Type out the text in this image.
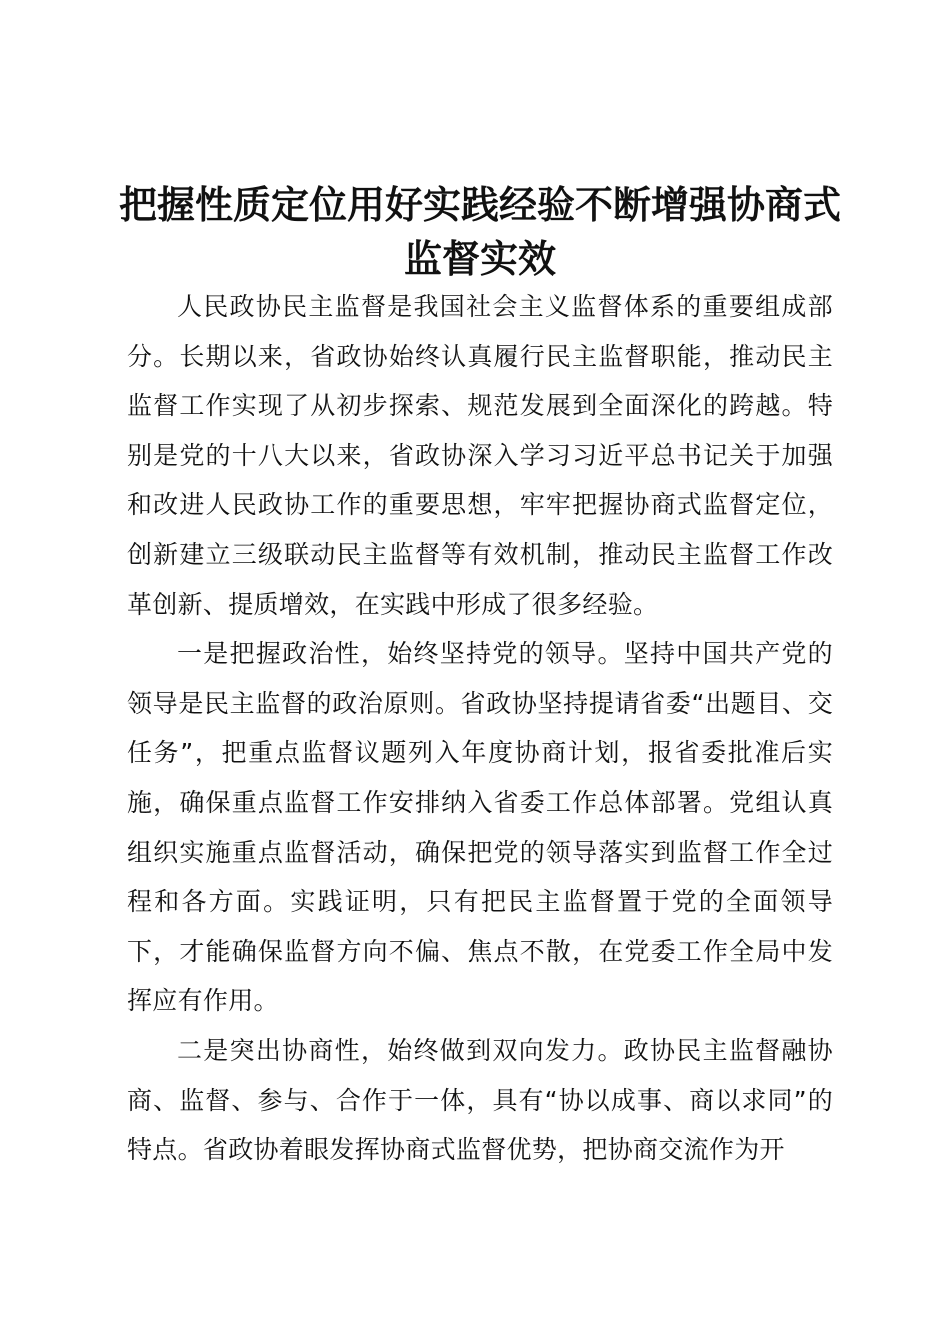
把握性质定位用好实践经验不断增强协商式监督实效

人民政协民主监督是我国社会主义监督体系的重要组成部分。长期以来，省政协始终认真履行民主监督职能，推动民主监督工作实现了从初步探索、规范发展到全面深化的跨越。特别是党的十八大以来，省政协深入学习习近平总书记关于加强和改进人民政协工作的重要思想，牢牢把握协商式监督定位，创新建立三级联动民主监督等有效机制，推动民主监督工作改革创新、提质增效，在实践中形成了很多经验。

一是把握政治性，始终坚持党的领导。坚持中国共产党的领导是民主监督的政治原则。省政协坚持提请省委“出题目、交任务”，把重点监督议题列入年度协商计划，报省委批准后实施，确保重点监督工作安排纳入省委工作总体部署。党组认真组织实施重点监督活动，确保把党的领导落实到监督工作全过程和各方面。实践证明，只有把民主监督置于党的全面领导下，才能确保监督方向不偏、焦点不散，在党委工作全局中发挥应有作用。

二是突出协商性，始终做到双向发力。政协民主监督融协商、监督、参与、合作于一体，具有“协以成事、商以求同”的特点。省政协着眼发挥协商式监督优势，把协商交流作为开
